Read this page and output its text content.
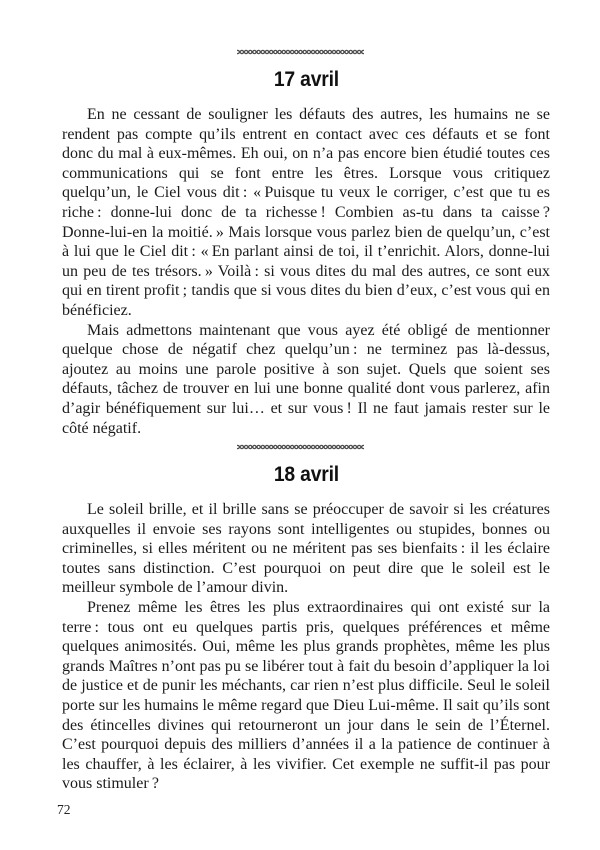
17 avril

En ne cessant de souligner les défauts des autres, les humains ne se rendent pas compte qu’ils entrent en contact avec ces défauts et se font donc du mal à eux-mêmes. Eh oui, on n’a pas encore bien étudié toutes ces communications qui se font entre les êtres. Lorsque vous critiquez quelqu’un, le Ciel vous dit : « Puisque tu veux le corriger, c’est que tu es riche : donne-lui donc de ta richesse ! Combien as-tu dans ta caisse ? Donne-lui-en la moitié. » Mais lorsque vous parlez bien de quelqu’un, c’est à lui que le Ciel dit : « En parlant ainsi de toi, il t’enrichit. Alors, donne-lui un peu de tes trésors. » Voilà : si vous dites du mal des autres, ce sont eux qui en tirent profit ; tandis que si vous dites du bien d’eux, c’est vous qui en bénéficiez.

Mais admettons maintenant que vous ayez été obligé de mentionner quelque chose de négatif chez quelqu’un : ne terminez pas là-dessus, ajoutez au moins une parole positive à son sujet. Quels que soient ses défauts, tâchez de trouver en lui une bonne qualité dont vous parlerez, afin d’agir bénéfiquement sur lui… et sur vous ! Il ne faut jamais rester sur le côté négatif.

18 avril

Le soleil brille, et il brille sans se préoccuper de savoir si les créatures auxquelles il envoie ses rayons sont intelligentes ou stupides, bonnes ou criminelles, si elles méritent ou ne méritent pas ses bienfaits : il les éclaire toutes sans distinction. C’est pourquoi on peut dire que le soleil est le meilleur symbole de l’amour divin.

Prenez même les êtres les plus extraordinaires qui ont existé sur la terre : tous ont eu quelques partis pris, quelques préférences et même quelques animosités. Oui, même les plus grands prophètes, même les plus grands Maîtres n’ont pas pu se libérer tout à fait du besoin d’appliquer la loi de justice et de punir les méchants, car rien n’est plus difficile. Seul le soleil porte sur les humains le même regard que Dieu Lui-même. Il sait qu’ils sont des étincelles divines qui retourneront un jour dans le sein de l’Éternel. C’est pourquoi depuis des milliers d’années il a la patience de continuer à les chauffer, à les éclairer, à les vivifier. Cet exemple ne suffit-il pas pour vous stimuler ?

72
